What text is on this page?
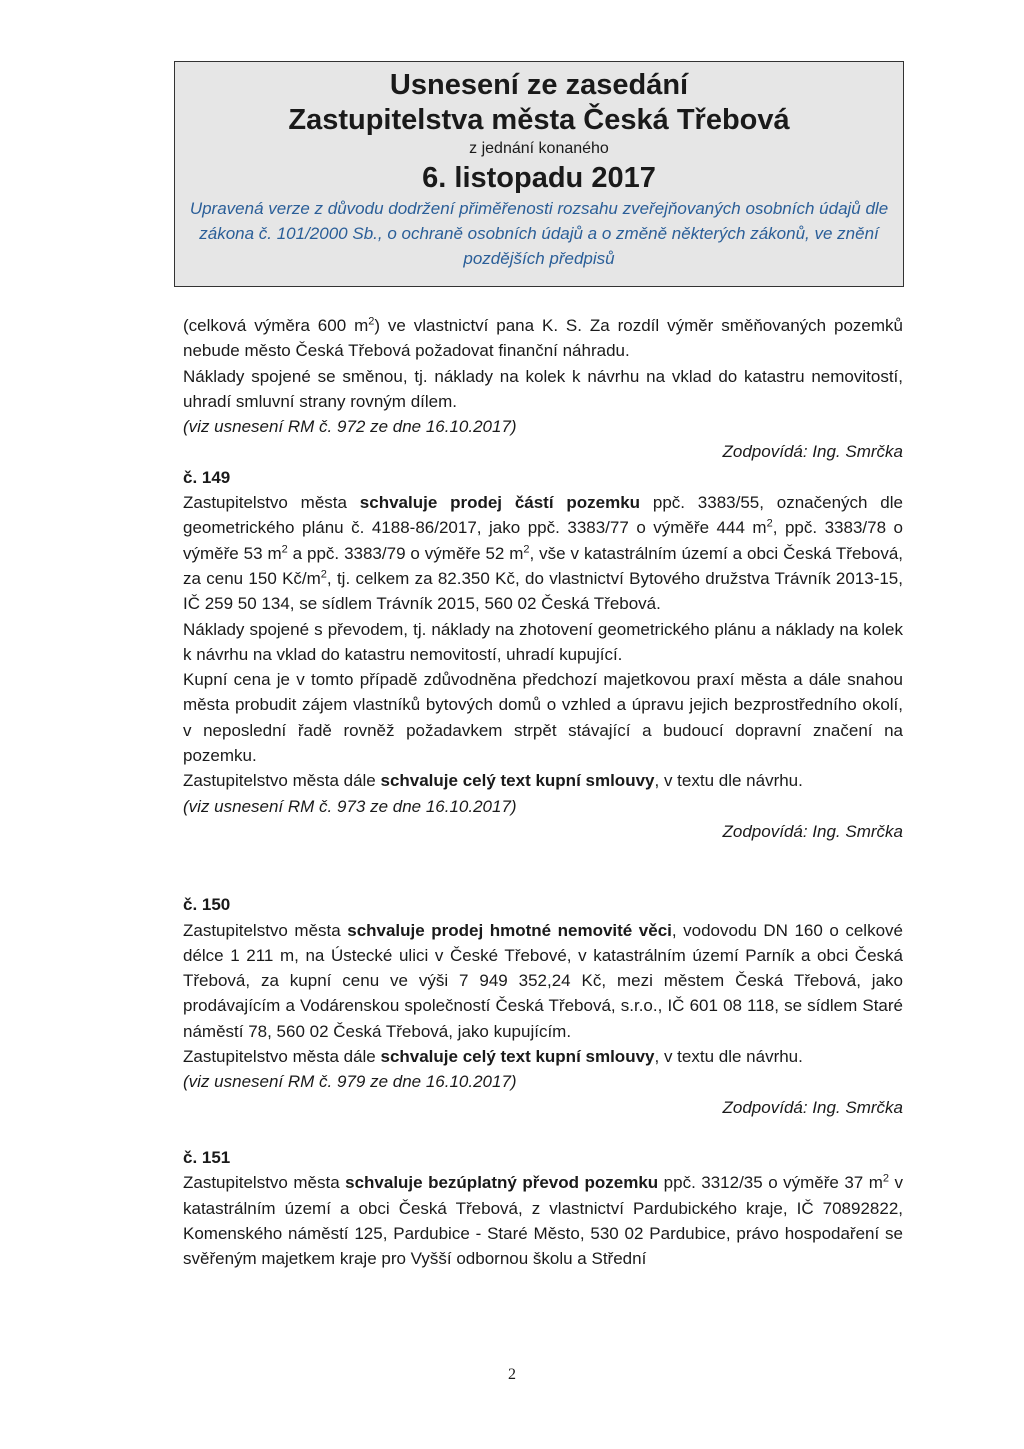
Usnesení ze zasedání
Zastupitelstva města Česká Třebová
z jednání konaného
6. listopadu 2017
Upravená verze z důvodu dodržení přiměřenosti rozsahu zveřejňovaných osobních údajů dle zákona č. 101/2000 Sb., o ochraně osobních údajů a o změně některých zákonů, ve znění pozdějších předpisů

(celková výměra 600 $m^2$) ve vlastnictví pana K. S. Za rozdíl výměr směňovaných pozemků nebude město Česká Třebová požadovat finanční náhradu.

Náklady spojené se směnou, tj. náklady na kolek k návrhu na vklad do katastru nemovitostí, uhradí smluvní strany rovným dílem.

(viz usnesení RM č. 972 ze dne 16.10.2017)

Zodpovídá: Ing. Smrčka

č. 149

Zastupitelstvo města schvaluje prodej částí pozemku ppč. 3383/55, označených dle geometrického plánu č. 4188-86/2017, jako ppč. 3383/77 o výměře 444 $m^2$, ppč. 3383/78 o výměře 53 $m^2$ a ppč. 3383/79 o výměře 52 $m^2$, vše v katastrálním území a obci Česká Třebová, za cenu 150 $Kč/m^2$, tj. celkem za 82.350 Kč, do vlastnictví Bytového družstva Trávník 2013-15, IČ 259 50 134, se sídlem Trávník 2015, 560 02 Česká Třebová.

Náklady spojené s převodem, tj. náklady na zhotovení geometrického plánu a náklady na kolek k návrhu na vklad do katastru nemovitostí, uhradí kupující.

Kupní cena je v tomto případě zdůvodněna předchozí majetkovou praxí města a dále snahou města probudit zájem vlastníků bytových domů o vzhled a úpravu jejich bezprostředního okolí, v neposlední řadě rovněž požadavkem strpět stávající a budoucí dopravní značení na pozemku.

Zastupitelstvo města dále schvaluje celý text kupní smlouvy, v textu dle návrhu.

(viz usnesení RM č. 973 ze dne 16.10.2017)

Zodpovídá: Ing. Smrčka

č. 150

Zastupitelstvo města schvaluje prodej hmotné nemovité věci, vodovodu DN 160 o celkové délce 1 211 m, na Ústecké ulici v České Třebové, v katastrálním území Parník a obci Česká Třebová, za kupní cenu ve výši 7 949 352,24 Kč, mezi městem Česká Třebová, jako prodávajícím a Vodárenskou společností Česká Třebová, s.r.o., IČ 601 08 118, se sídlem Staré náměstí 78, 560 02 Česká Třebová, jako kupujícím.

Zastupitelstvo města dále schvaluje celý text kupní smlouvy, v textu dle návrhu.

(viz usnesení RM č. 979 ze dne 16.10.2017)

Zodpovídá: Ing. Smrčka

č. 151

Zastupitelstvo města schvaluje bezúplatný převod pozemku ppč. 3312/35 o výměře 37 $m^2$ v katastrálním území a obci Česká Třebová, z vlastnictví Pardubického kraje, IČ 70892822, Komenského náměstí 125, Pardubice - Staré Město, 530 02 Pardubice, právo hospodaření se svěřeným majetkem kraje pro Vyšší odbornou školu a Střední

2
